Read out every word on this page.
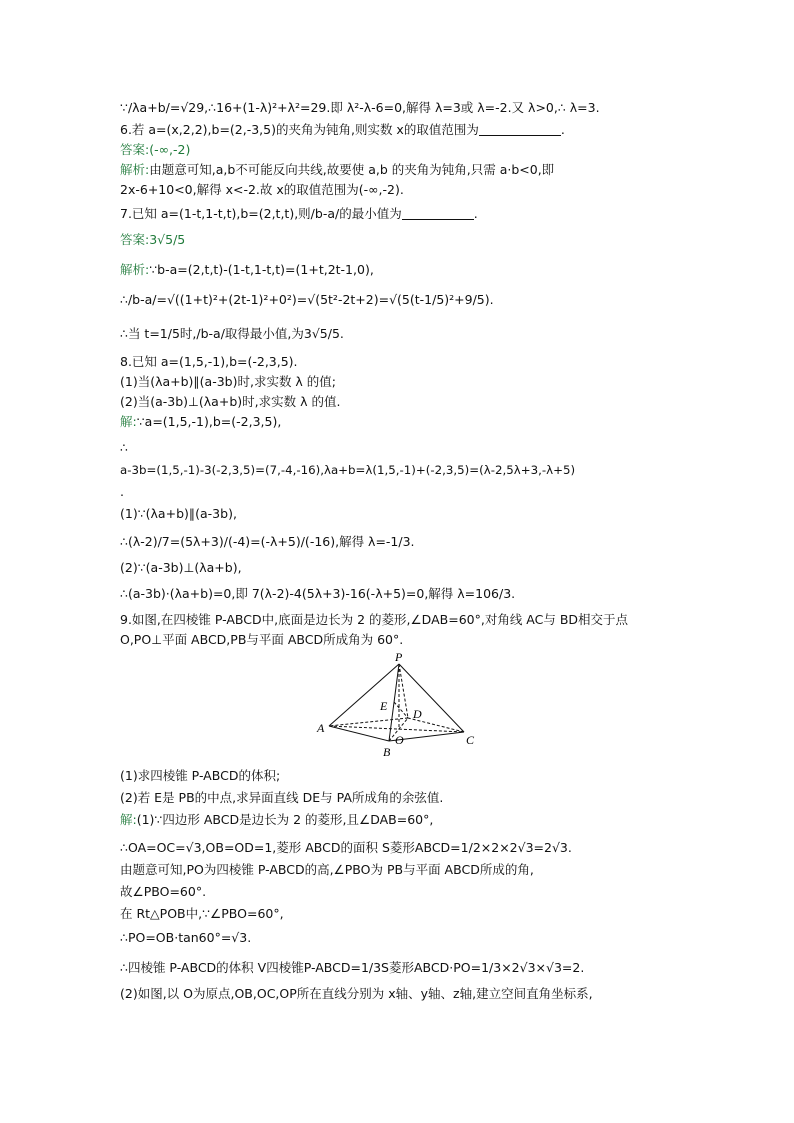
∵/λa+b/=√29,∴16+(1-λ)²+λ²=29.即 λ²-λ-6=0,解得 λ=3或 λ=-2.又 λ>0,∴ λ=3.
6.若 a=(x,2,2),b=(2,-3,5)的夹角为钝角,则实数 x的取值范围为	.
答案:(-∞,-2)
解析:由题意可知,a,b不可能反向共线,故要使 a,b 的夹角为钝角,只需 a·b<0,即
2x-6+10<0,解得 x<-2.故 x的取值范围为(-∞,-2).
7.已知 a=(1-t,1-t,t),b=(2,t,t),则/b-a/的最小值为	.
答案:3√5/5
解析:∵b-a=(2,t,t)-(1-t,1-t,t)=(1+t,2t-1,0),
∴/b-a/=√((1+t)²+(2t-1)²+0²)=√(5t²-2t+2)=√(5(t-1/5)²+9/5).
∴当 t=1/5时,/b-a/取得最小值,为3√5/5.
8.已知 a=(1,5,-1),b=(-2,3,5).
(1)当(λa+b)∥(a-3b)时,求实数 λ 的值;
(2)当(a-3b)⊥(λa+b)时,求实数 λ 的值.
解:∵a=(1,5,-1),b=(-2,3,5),
∴
a-3b=(1,5,-1)-3(-2,3,5)=(7,-4,-16),λa+b=λ(1,5,-1)+(-2,3,5)=(λ-2,5λ+3,-λ+5)
.
(1)∵(λa+b)∥(a-3b),
∴(λ-2)/7=(5λ+3)/(-4)=(-λ+5)/(-16),解得 λ=-1/3.
(2)∵(a-3b)⊥(λa+b),
∴(a-3b)·(λa+b)=0,即 7(λ-2)-4(5λ+3)-16(-λ+5)=0,解得 λ=106/3.
9.如图,在四棱锥 P-ABCD中,底面是边长为 2 的菱形,∠DAB=60°,对角线 AC与 BD相交于点
O,PO⊥平面 ABCD,PB与平面 ABCD所成角为 60°.
P
A
B
C
D
E
O
(1)求四棱锥 P-ABCD的体积;
(2)若 E是 PB的中点,求异面直线 DE与 PA所成角的余弦值.
解:(1)∵四边形 ABCD是边长为 2 的菱形,且∠DAB=60°,
∴OA=OC=√3,OB=OD=1,菱形 ABCD的面积 S菱形ABCD=1/2×2×2√3=2√3.
由题意可知,PO为四棱锥 P-ABCD的高,∠PBO为 PB与平面 ABCD所成的角,
故∠PBO=60°.
在 Rt△POB中,∵∠PBO=60°,
∴PO=OB·tan60°=√3.
∴四棱锥 P-ABCD的体积 V四棱锥P-ABCD=1/3S菱形ABCD·PO=1/3×2√3×√3=2.
(2)如图,以 O为原点,OB,OC,OP所在直线分别为 x轴、y轴、z轴,建立空间直角坐标系,
